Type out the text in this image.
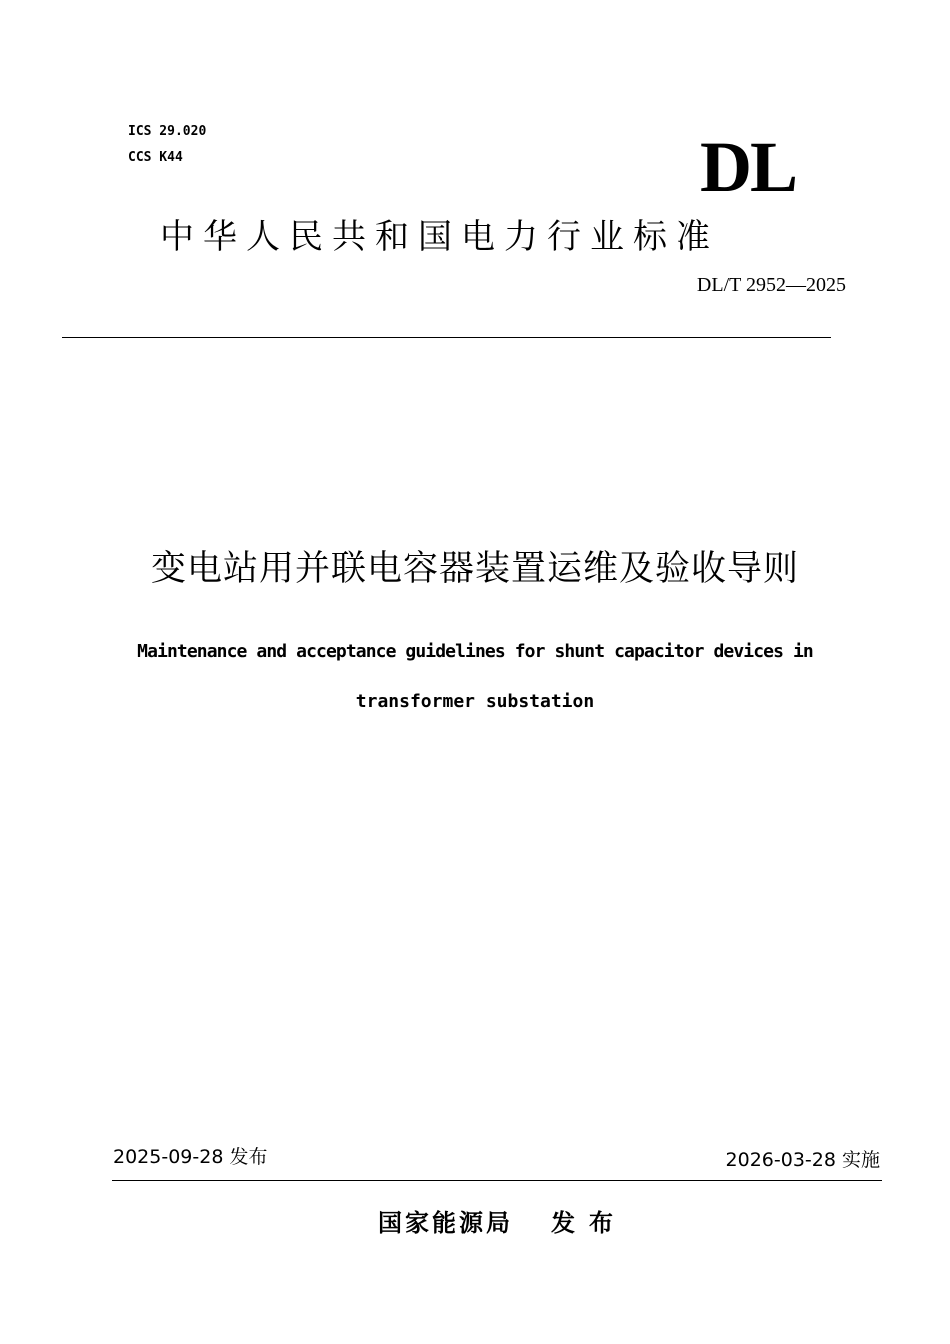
ICS 29.020
CCS K44	DL
中华人民共和国电力行业标准
DL/T 2952—2025
变电站用并联电容器装置运维及验收导则
Maintenance and acceptance guidelines for shunt capacitor devices in
transformer substation
2025-09-28 发布	2026-03-28 实施
国家能源局 发布
